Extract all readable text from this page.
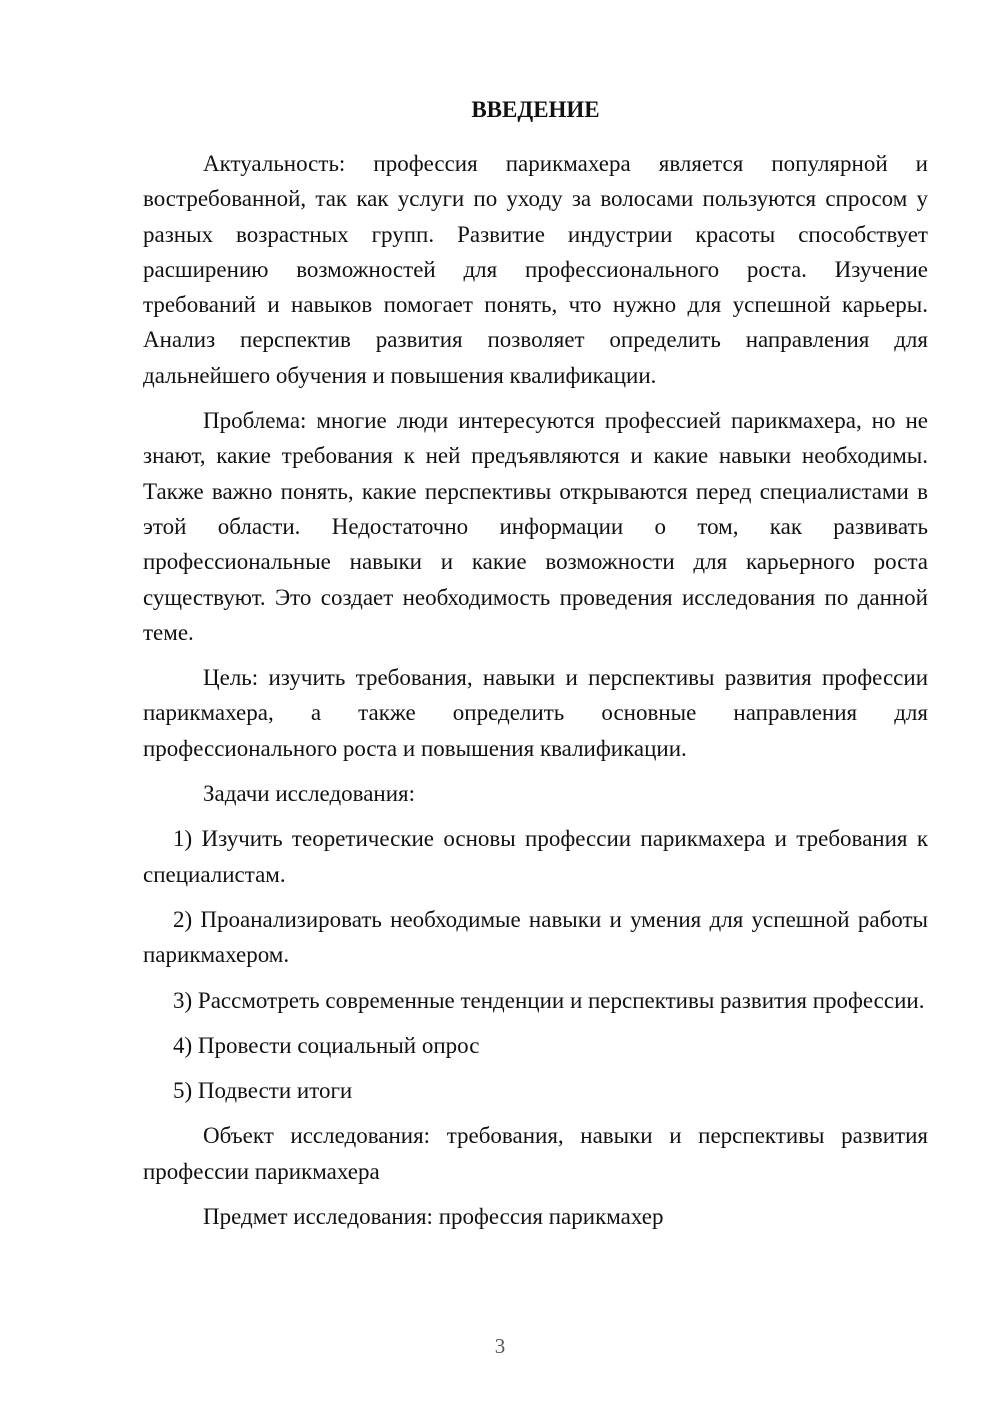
ВВЕДЕНИЕ

Актуальность: профессия парикмахера является популярной и востребованной, так как услуги по уходу за волосами пользуются спросом у разных возрастных групп. Развитие индустрии красоты способствует расширению возможностей для профессионального роста. Изучение требований и навыков помогает понять, что нужно для успешной карьеры. Анализ перспектив развития позволяет определить направления для дальнейшего обучения и повышения квалификации.

Проблема: многие люди интересуются профессией парикмахера, но не знают, какие требования к ней предъявляются и какие навыки необходимы. Также важно понять, какие перспективы открываются перед специалистами в этой области. Недостаточно информации о том, как развивать профессиональные навыки и какие возможности для карьерного роста существуют. Это создает необходимость проведения исследования по данной теме.

Цель: изучить требования, навыки и перспективы развития профессии парикмахера, а также определить основные направления для профессионального роста и повышения квалификации.

Задачи исследования:

1) Изучить теоретические основы профессии парикмахера и требования к специалистам.

2) Проанализировать необходимые навыки и умения для успешной работы парикмахером.

3) Рассмотреть современные тенденции и перспективы развития профессии.

4) Провести социальный опрос

5) Подвести итоги

Объект исследования: требования, навыки и перспективы развития профессии парикмахера

Предмет исследования: профессия парикмахер

3
